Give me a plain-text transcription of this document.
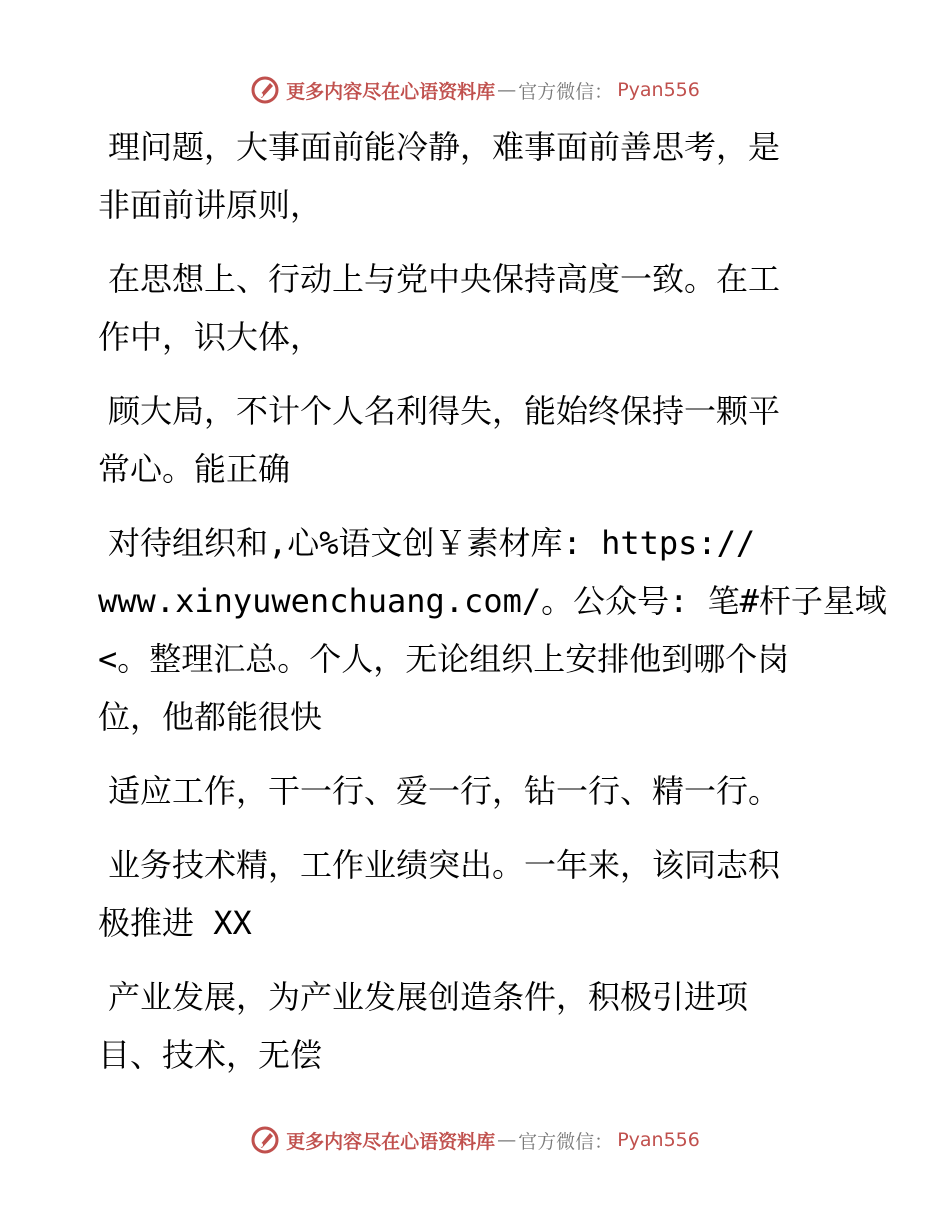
更多内容尽在心语资料库 — 官方微信： Pyan556

理问题，大事面前能冷静，难事面前善思考，是
非面前讲原则，

在思想上、行动上与党中央保持高度一致。在工
作中，识大体，

顾大局，不计个人名利得失，能始终保持一颗平
常心。能正确

对待组织和,心%语文创￥素材库: https://
www.xinyuwenchuang.com/。公众号: 笔#杆子星域
<。整理汇总。个人，无论组织上安排他到哪个岗
位，他都能很快

适应工作，干一行、爱一行，钻一行、精一行。

业务技术精，工作业绩突出。一年来，该同志积
极推进 XX

产业发展，为产业发展创造条件，积极引进项
目、技术，无偿

更多内容尽在心语资料库 — 官方微信： Pyan556
